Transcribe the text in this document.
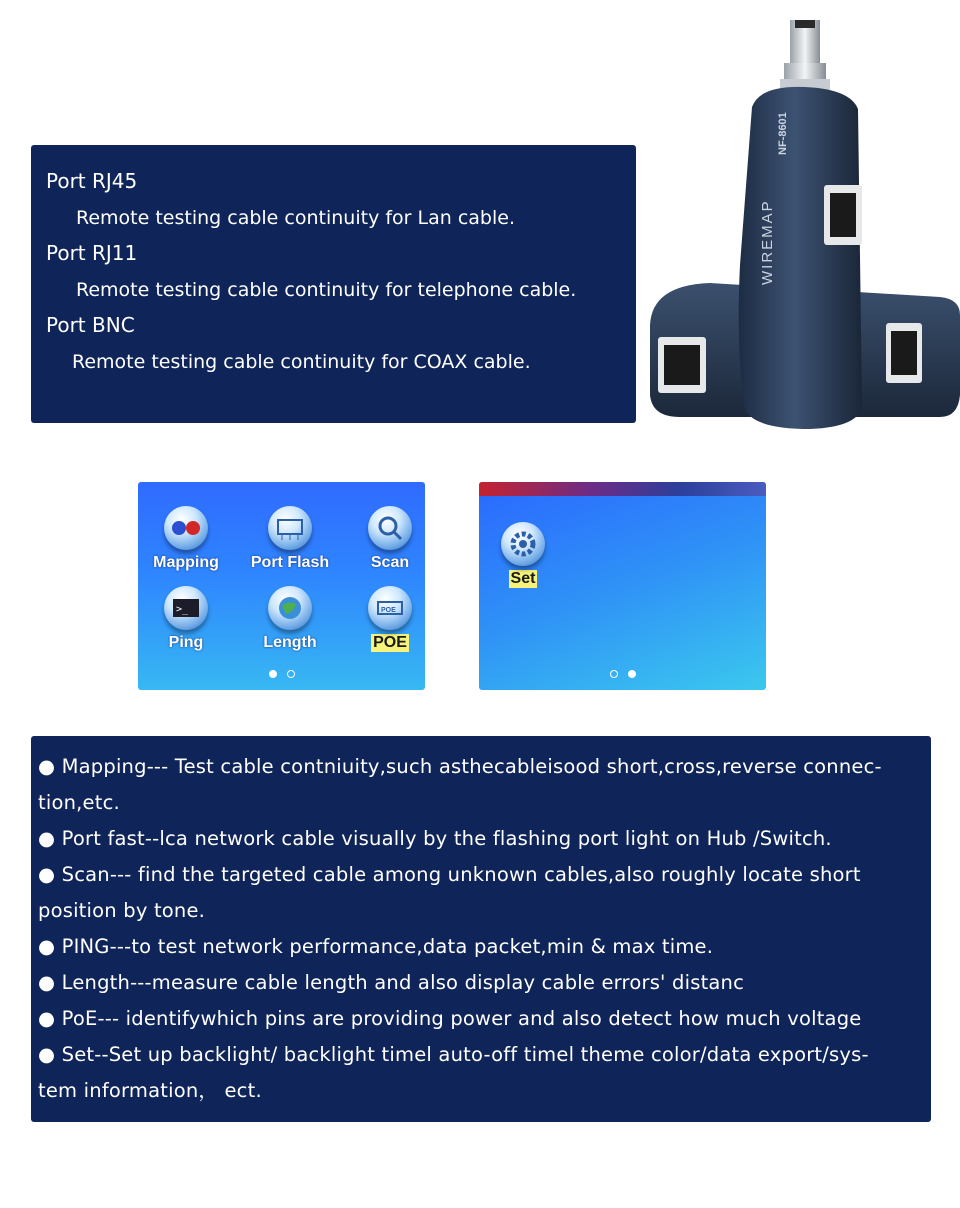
Port RJ45
Remote testing cable continuity for Lan cable.
Port RJ11
Remote testing cable continuity for telephone cable.
Port BNC
Remote testing cable continuity for COAX cable.
NF-8601
WIREMAP
Mapping	Port Flash	Scan
>_
Ping	Length
POE
POE
Set
● Mapping--- Test cable contniuity,such asthecableisood short,cross,reverse connec-
tion,etc.
● Port fast--lca network cable visually by the flashing port light on Hub /Switch.
● Scan--- find the targeted cable among unknown cables,also roughly locate short
position by tone.
● PING---to test network performance,data packet,min & max time.
● Length---measure cable length and also display cable errors' distanc
● PoE--- identifywhich pins are providing power and also detect how much voltage
● Set--Set up backlight/ backlight timel auto-off timel theme color/data export/sys-
tem information， ect.
